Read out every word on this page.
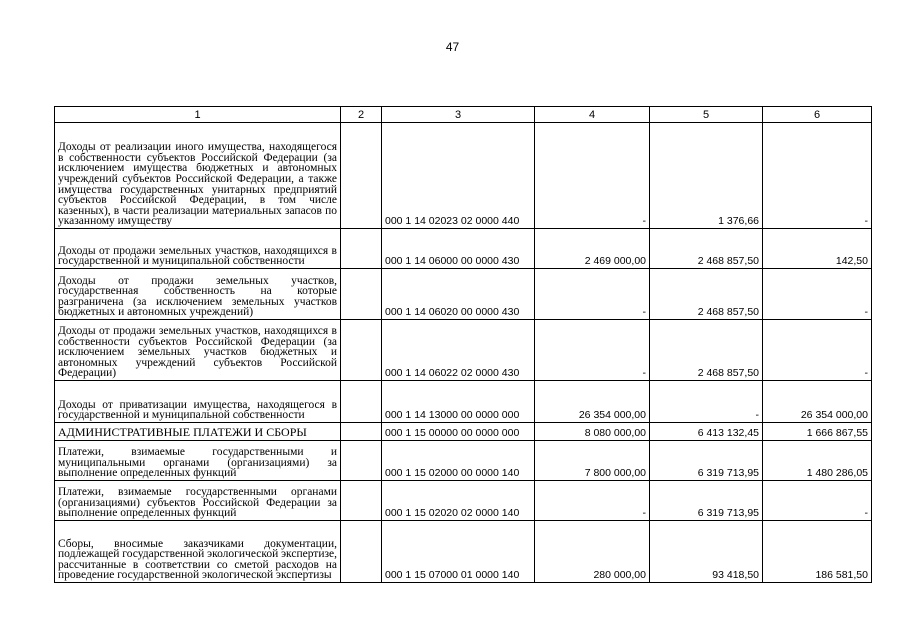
47
1	2	3	4	5	6
Доходы от реализации иного имущества, находящегося в собственности субъектов Российской Федерации (за исключением имущества бюджетных и автономных учреждений субъектов Российской Федерации, а также имущества государственных унитарных предприятий субъектов Российской Федерации, в том числе казенных), в части реализации материальных запасов по указанному имуществу		000 1 14 02023 02 0000 440	-	1 376,66	-
Доходы от продажи земельных участков, находящихся в государственной и муниципальной собственности		000 1 14 06000 00 0000 430	2 469 000,00	2 468 857,50	142,50
Доходы от продажи земельных участков, государственная собственность на которые разграничена (за исключением земельных участков бюджетных и автономных учреждений)		000 1 14 06020 00 0000 430	-	2 468 857,50	-
Доходы от продажи земельных участков, находящихся в собственности субъектов Российской Федерации (за исключением земельных участков бюджетных и автономных учреждений субъектов Российской Федерации)		000 1 14 06022 02 0000 430	-	2 468 857,50	-
Доходы от приватизации имущества, находящегося в государственной и муниципальной собственности		000 1 14 13000 00 0000 000	26 354 000,00	-	26 354 000,00
АДМИНИСТРАТИВНЫЕ ПЛАТЕЖИ И СБОРЫ		000 1 15 00000 00 0000 000	8 080 000,00	6 413 132,45	1 666 867,55
Платежи, взимаемые государственными и муниципальными органами (организациями) за выполнение определенных функций		000 1 15 02000 00 0000 140	7 800 000,00	6 319 713,95	1 480 286,05
Платежи, взимаемые государственными органами (организациями) субъектов Российской Федерации за выполнение определенных функций		000 1 15 02020 02 0000 140	-	6 319 713,95	-
Сборы, вносимые заказчиками документации, подлежащей государственной экологической экспертизе, рассчитанные в соответствии со сметой расходов на проведение государственной экологической экспертизы		000 1 15 07000 01 0000 140	280 000,00	93 418,50	186 581,50
